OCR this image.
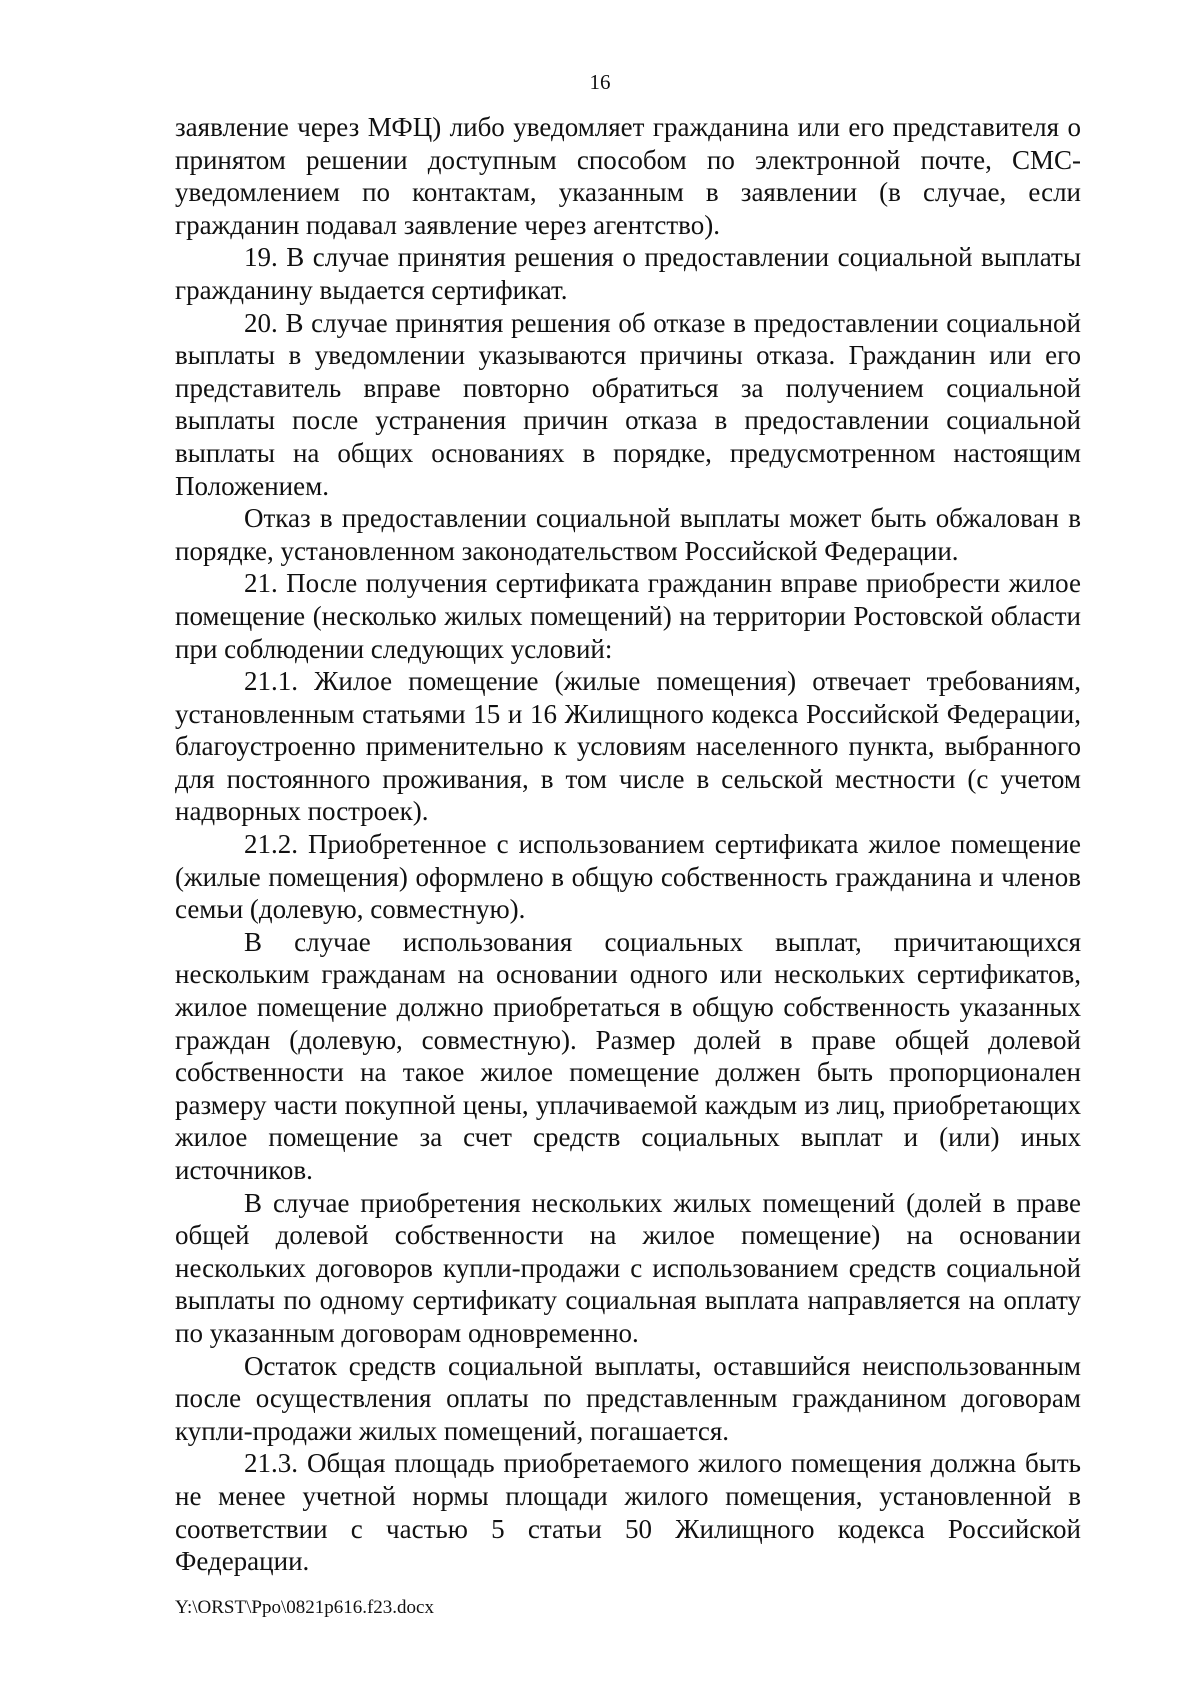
16

заявление через МФЦ) либо уведомляет гражданина или его представителя о принятом решении доступным способом по электронной почте, СМС-уведомлением по контактам, указанным в заявлении (в случае, если гражданин подавал заявление через агентство).

19. В случае принятия решения о предоставлении социальной выплаты гражданину выдается сертификат.

20. В случае принятия решения об отказе в предоставлении социальной выплаты в уведомлении указываются причины отказа. Гражданин или его представитель вправе повторно обратиться за получением социальной выплаты после устранения причин отказа в предоставлении социальной выплаты на общих основаниях в порядке, предусмотренном настоящим Положением.

Отказ в предоставлении социальной выплаты может быть обжалован в порядке, установленном законодательством Российской Федерации.

21. После получения сертификата гражданин вправе приобрести жилое помещение (несколько жилых помещений) на территории Ростовской области при соблюдении следующих условий:

21.1. Жилое помещение (жилые помещения) отвечает требованиям, установленным статьями 15 и 16 Жилищного кодекса Российской Федерации, благоустроенно применительно к условиям населенного пункта, выбранного для постоянного проживания, в том числе в сельской местности (с учетом надворных построек).

21.2. Приобретенное с использованием сертификата жилое помещение (жилые помещения) оформлено в общую собственность гражданина и членов семьи (долевую, совместную).

В случае использования социальных выплат, причитающихся нескольким гражданам на основании одного или нескольких сертификатов, жилое помещение должно приобретаться в общую собственность указанных граждан (долевую, совместную). Размер долей в праве общей долевой собственности на такое жилое помещение должен быть пропорционален размеру части покупной цены, уплачиваемой каждым из лиц, приобретающих жилое помещение за счет средств социальных выплат и (или) иных источников.

В случае приобретения нескольких жилых помещений (долей в праве общей долевой собственности на жилое помещение) на основании нескольких договоров купли-продажи с использованием средств социальной выплаты по одному сертификату социальная выплата направляется на оплату по указанным договорам одновременно.

Остаток средств социальной выплаты, оставшийся неиспользованным после осуществления оплаты по представленным гражданином договорам купли-продажи жилых помещений, погашается.

21.3. Общая площадь приобретаемого жилого помещения должна быть не менее учетной нормы площади жилого помещения, установленной в соответствии с частью 5 статьи 50 Жилищного кодекса Российской Федерации.

Y:\ORST\Ppo\0821p616.f23.docx
